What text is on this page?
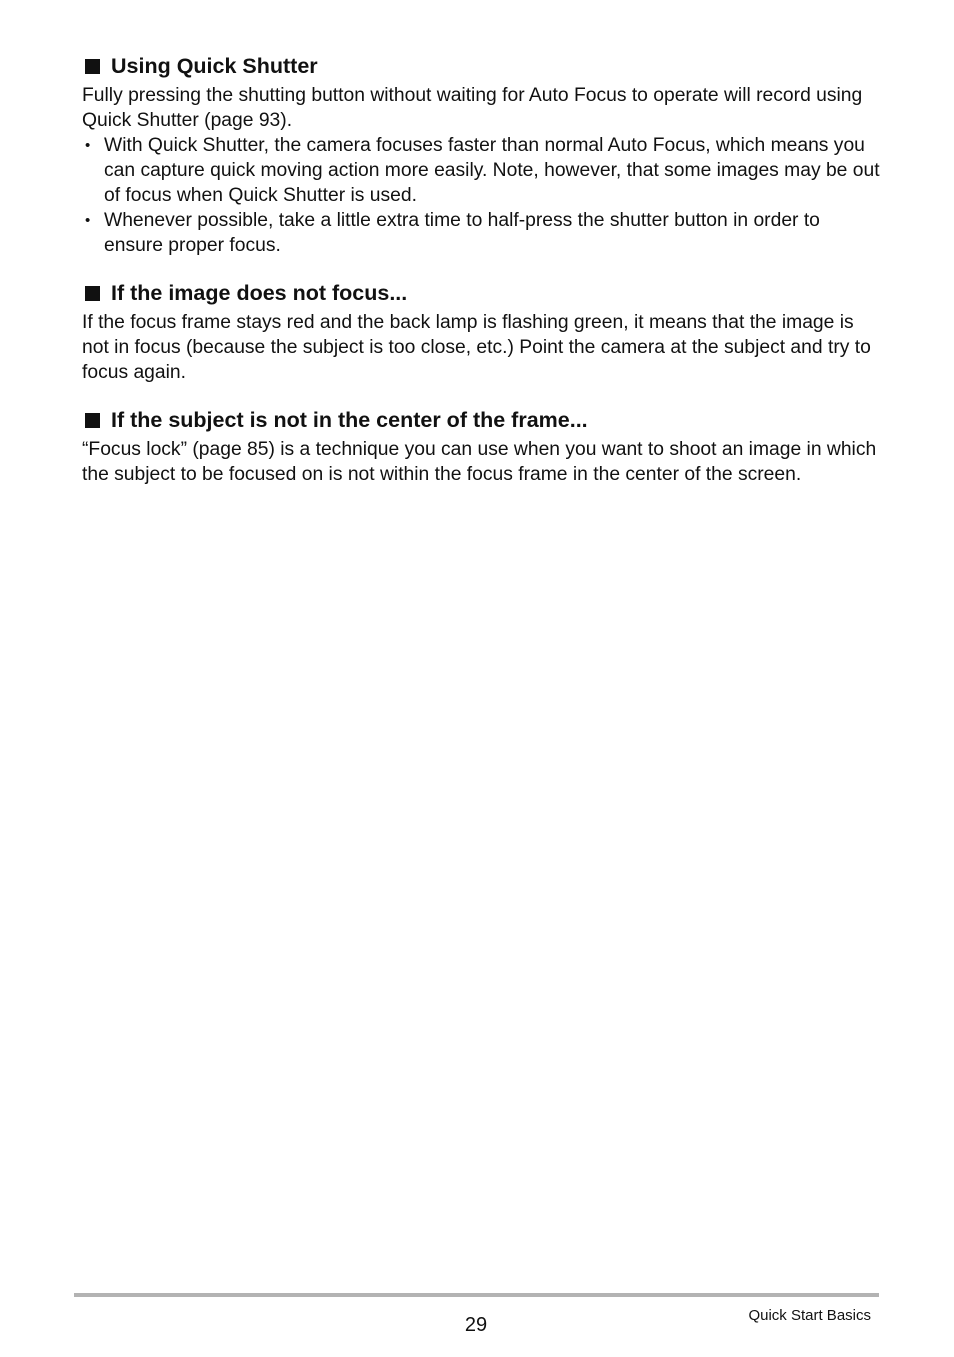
Using Quick Shutter

Fully pressing the shutting button without waiting for Auto Focus to operate will record using Quick Shutter (page 93).

• With Quick Shutter, the camera focuses faster than normal Auto Focus, which means you can capture quick moving action more easily. Note, however, that some images may be out of focus when Quick Shutter is used.
• Whenever possible, take a little extra time to half-press the shutter button in order to ensure proper focus.
If the image does not focus...

If the focus frame stays red and the back lamp is flashing green, it means that the image is not in focus (because the subject is too close, etc.) Point the camera at the subject and try to focus again.

If the subject is not in the center of the frame...

“Focus lock” (page 85) is a technique you can use when you want to shoot an image in which the subject to be focused on is not within the focus frame in the center of the screen.

29	Quick Start Basics
